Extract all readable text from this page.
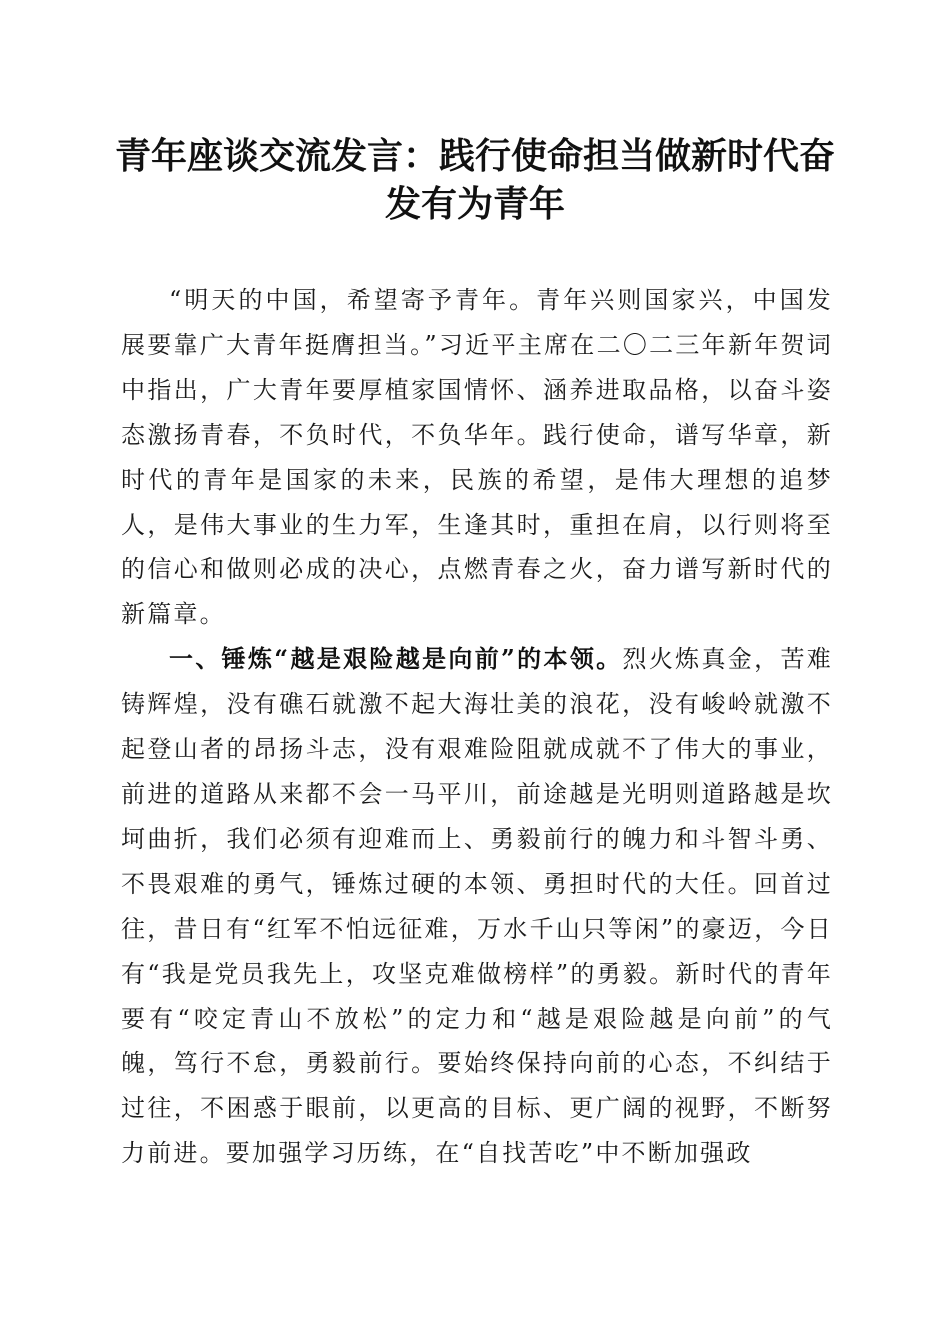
青年座谈交流发言：践行使命担当做新时代奋
发有为青年

“明天的中国，希望寄予青年。青年兴则国家兴，中国发展要靠广大青年挺膺担当。”习近平主席在二〇二三年新年贺词中指出，广大青年要厚植家国情怀、涵养进取品格，以奋斗姿态激扬青春，不负时代，不负华年。践行使命，谱写华章，新时代的青年是国家的未来，民族的希望，是伟大理想的追梦人，是伟大事业的生力军，生逢其时，重担在肩，以行则将至的信心和做则必成的决心，点燃青春之火，奋力谱写新时代的新篇章。

一、锤炼“越是艰险越是向前”的本领。烈火炼真金，苦难铸辉煌，没有礁石就激不起大海壮美的浪花，没有峻岭就激不起登山者的昂扬斗志，没有艰难险阻就成就不了伟大的事业，前进的道路从来都不会一马平川，前途越是光明则道路越是坎坷曲折，我们必须有迎难而上、勇毅前行的魄力和斗智斗勇、不畏艰难的勇气，锤炼过硬的本领、勇担时代的大任。回首过往，昔日有“红军不怕远征难，万水千山只等闲”的豪迈，今日有“我是党员我先上，攻坚克难做榜样”的勇毅。新时代的青年要有“咬定青山不放松”的定力和“越是艰险越是向前”的气魄，笃行不怠，勇毅前行。要始终保持向前的心态，不纠结于过往，不困惑于眼前，以更高的目标、更广阔的视野，不断努力前进。要加强学习历练，在“自找苦吃”中不断加强政
